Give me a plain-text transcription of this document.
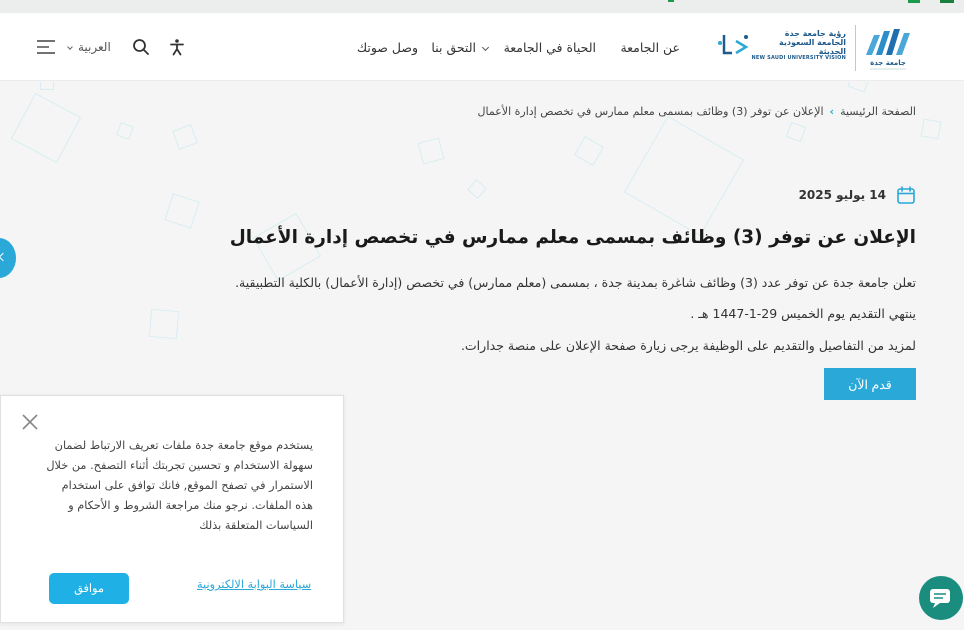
جامعة جدة
رؤية جامعة جدة
الجامعة السعودية الحديثة
NEW SAUDI UNIVERSITY VISION
عن الجامعة
الحياة في الجامعة
التحق بنا
وصل صوتك
العربية
الصفحة الرئيسية›الإعلان عن توفر (3) وظائف بمسمى معلم ممارس في تخصص إدارة الأعمال
14 يوليو 2025
الإعلان عن توفر (3) وظائف بمسمى معلم ممارس في تخصص إدارة الأعمال

تعلن جامعة جدة عن توفر عدد (3) وظائف شاغرة بمدينة جدة ، بمسمى (معلم ممارس) في تخصص (إدارة الأعمال) بالكلية التطبيقية.

ينتهي التقديم يوم الخميس 29-1-1447 هـ .

لمزيد من التفاصيل والتقديم على الوظيفة يرجى زيارة صفحة الإعلان على منصة جدارات.

قدم الآن
يستخدم موقع جامعة جدة ملفات تعريف الارتباط لضمان سهولة الاستخدام و تحسين تجربتك أثناء التصفح. من خلال الاستمرار في تصفح الموقع, فانك توافق على استخدام هذه الملفات. نرجو منك مراجعة الشروط و الأحكام و السياسات المتعلقة بذلك
سياسة البوابة الالكترونية
موافق
